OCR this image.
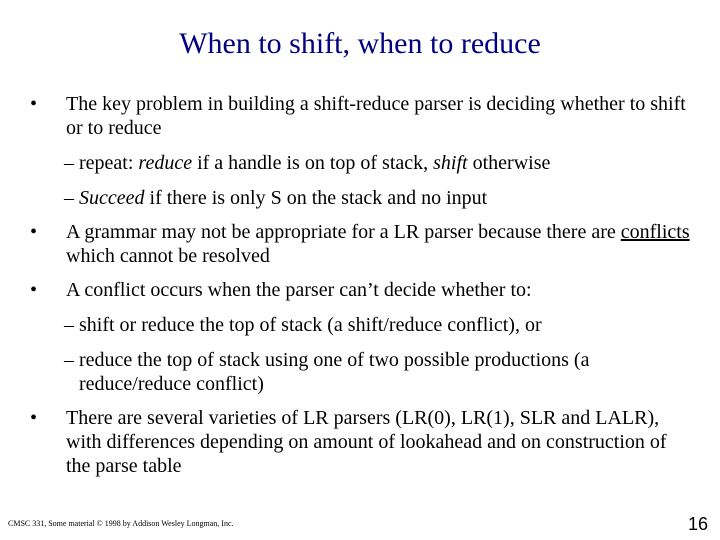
When to shift, when to reduce

• The key problem in building a shift-reduce parser is deciding whether to shift or to reduce

– repeat: reduce if a handle is on top of stack, shift otherwise

– Succeed if there is only S on the stack and no input

• A grammar may not be appropriate for a LR parser because there are conflicts which cannot be resolved

• A conflict occurs when the parser can’t decide whether to:

– shift or reduce the top of stack (a shift/reduce conflict), or

– reduce the top of stack using one of two possible productions (a reduce/reduce conflict)

• There are several varieties of LR parsers (LR(0), LR(1), SLR and LALR), with differences depending on amount of lookahead and on construction of the parse table

CMSC 331, Some material © 1998 by Addison Wesley Longman, Inc.	16
